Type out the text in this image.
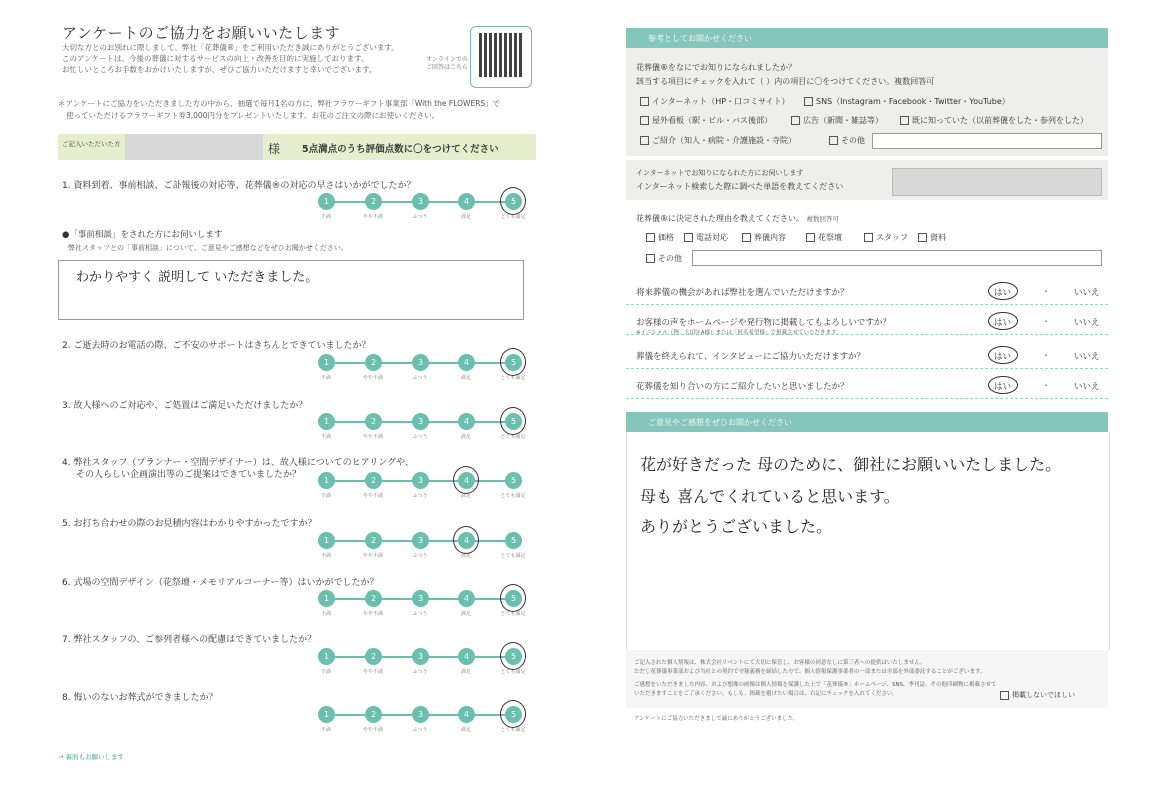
アンケートのご協力をお願いいたします
大切な方とのお別れに際しまして、弊社「花葬儀®」をご利用いただき誠にありがとうございます。
このアンケートは、今後の葬儀に対するサービスの向上・改善を目的に実施しております。
お忙しいところお手数をおかけいたしますが、ぜひご協力いただけますと幸いでございます。
オンラインでの ご回答はこちら
＊アンケートにご協力をいただきました方の中から、抽選で毎月1名の方に、弊社フラワーギフト事業部「With the FLOWERS」で
使っていただけるフラワーギフト券3,000円分をプレゼントいたします。お花のご注文の際にお使いください。
ご記入いただいた方	様 5点満点のうち評価点数に〇をつけてください
1. 資料到着、事前相談、ご訃報後の対応等、花葬儀®の対応の早さはいかがでしたか？
1
不満
2
やや不満
3
ふつう
4
満足
5
とても満足
●「事前相談」をされた方にお伺いします
弊社スタッフとの「事前相談」について、ご意見やご感想などをぜひお聞かせください。
わかりやすく 説明して いただきました。
2. ご逝去時のお電話の際、ご不安のサポートはきちんとできていましたか？
1
不満
2
やや不満
3
ふつう
4
満足
5
とても満足
3. 故人様へのご対応や、ご処置はご満足いただけましたか？
1
不満
2
やや不満
3
ふつう
4
満足
5
とても満足
4. 弊社スタッフ（プランナー・空間デザイナー）は、故人様についてのヒアリングや、
その人らしい企画演出等のご提案はできていましたか？
1
不満
2
やや不満
3
ふつう
4
満足
5
とても満足
5. お打ち合わせの際のお見積内容はわかりやすかったですか？
1
不満
2
やや不満
3
ふつう
4
満足
5
とても満足
6. 式場の空間デザイン（花祭壇・メモリアルコーナー等）はいかがでしたか？
1
不満
2
やや不満
3
ふつう
4
満足
5
とても満足
7. 弊社スタッフの、ご参列者様への配慮はできていましたか？
1
不満
2
やや不満
3
ふつう
4
満足
5
とても満足
8. 悔いのないお葬式ができましたか？
1
不満
2
やや不満
3
ふつう
4
満足
5
とても満足
→ 裏面もお願いします
参考としてお聞かせください
花葬儀®をなにでお知りになられましたか？
該当する項目にチェックを入れて（ ）内の項目に〇をつけてください。複数回答可
インターネット（HP・口コミサイト）	SNS（Instagram・Facebook・Twitter・YouTube）
屋外看板（駅・ビル・バス後部）	広告（新聞・雑誌等）	既に知っていた（以前葬儀をした・参列をした）
ご紹介（知人・病院・介護施設・寺院）	その他
インターネットでお知りになられた方にお伺いします
インターネット検索した際に調べた単語を教えてください
花葬儀®に決定された理由を教えてください。 複数回答可
価格	電話対応	葬儀内容	花祭壇	スタッフ	資料
その他
将来葬儀の機会があれば弊社を選んでいただけますか？	はい	・	いいえ
お客様の声をホームページや発行物に掲載してもよろしいですか？	はい	・	いいえ
葬儀を終えられて、インタビューにご協力いただけますか？	はい	・	いいえ
花葬儀を知り合いの方にご紹介したいと思いましたか？	はい	・	いいえ
※イニシャル（例：大田区A様）または「匿名希望様」で掲載させていただきます。
ご意見やご感想をぜひお聞かせください
花が好きだった 母のために、御社にお願いいたしました。
母も 喜んでくれていると思います。
ありがとうございました。
ご記入された個人情報は、株式会社リベントにて大切に保管し、お客様の同意なしに第三者への提供はいたしません。
ただし花葬儀事業部および当社との契約で守秘義務を締結した方で、個人情報保護事業者の一部または全部を外部委託することがございます。
ご感想をいただきました内容、および想像の画像は個人情報を保護した上で「花葬儀®」ホームページ、SNS、季刊誌、その他印刷物に掲載させて
いただきますことをご了承ください。もしも、掲載を避けたい場合は、右記にチェックを入れてください。	掲載しないでほしい
アンケートにご協力いただきまして誠にありがとうございました。
